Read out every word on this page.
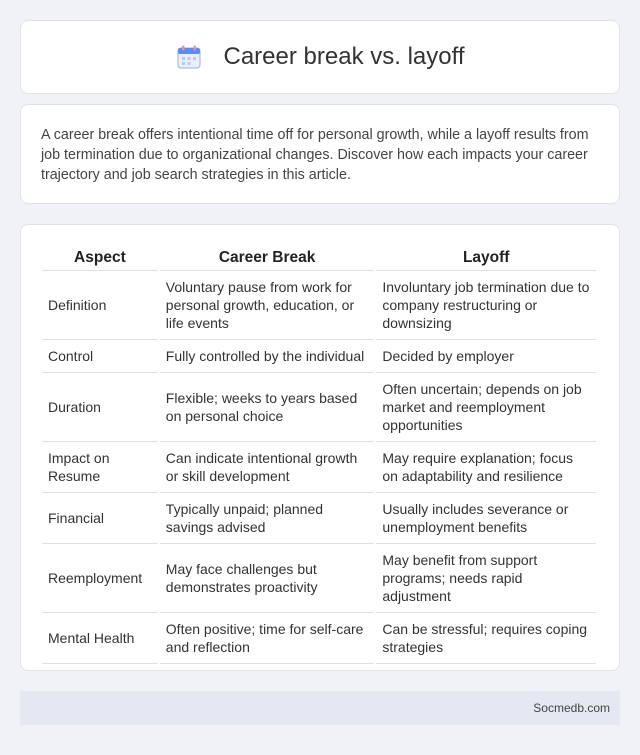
Career break vs. layoff

A career break offers intentional time off for personal growth, while a layoff results from job termination due to organizational changes. Discover how each impacts your career trajectory and job search strategies in this article.

Aspect	Career Break	Layoff
Definition	Voluntary pause from work for personal growth, education, or life events	Involuntary job termination due to company restructuring or downsizing
Control	Fully controlled by the individual	Decided by employer
Duration	Flexible; weeks to years based on personal choice	Often uncertain; depends on job market and reemployment opportunities
Impact on Resume	Can indicate intentional growth or skill development	May require explanation; focus on adaptability and resilience
Financial	Typically unpaid; planned savings advised	Usually includes severance or unemployment benefits
Reemployment	May face challenges but demonstrates proactivity	May benefit from support programs; needs rapid adjustment
Mental Health	Often positive; time for self-care and reflection	Can be stressful; requires coping strategies
Socmedb.com
